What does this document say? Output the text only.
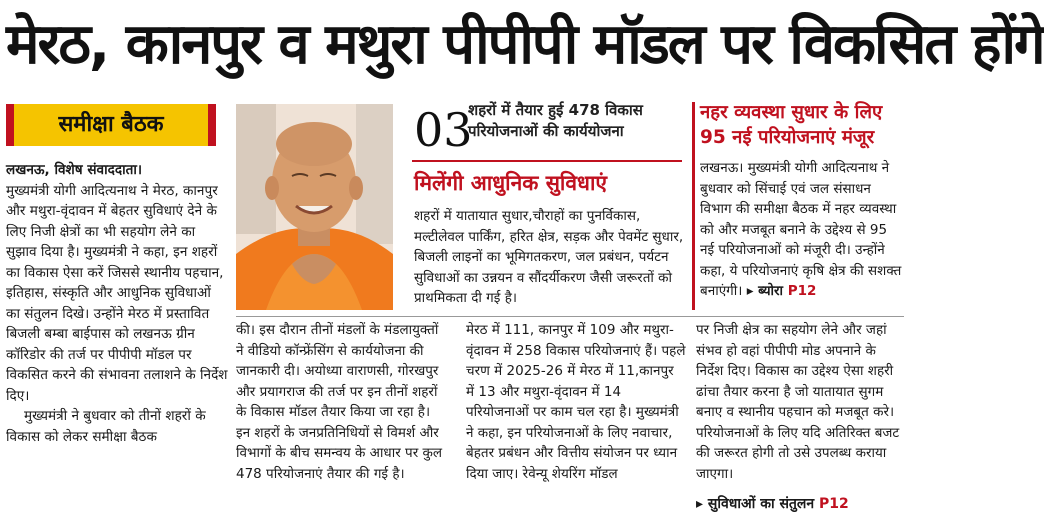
मेरठ, कानपुर व मथुरा पीपीपी मॉडल पर विकसित होंगे
समीक्षा बैठक

लखनऊ, विशेष संवाददाता।

मुख्यमंत्री योगी आदित्यनाथ ने मेरठ, कानपुर और मथुरा-वृंदावन में बेहतर सुविधाएं देने के लिए निजी क्षेत्रों का भी सहयोग लेने का सुझाव दिया है। मुख्यमंत्री ने कहा, इन शहरों का विकास ऐसा करें जिससे स्थानीय पहचान, इतिहास, संस्कृति और आधुनिक सुविधाओं का संतुलन दिखे। उन्होंने मेरठ में प्रस्तावित बिजली बम्बा बाईपास को लखनऊ ग्रीन कॉरिडोर की तर्ज पर पीपीपी मॉडल पर विकसित करने की संभावना तलाशने के निर्देश दिए।

मुख्यमंत्री ने बुधवार को तीनों शहरों के विकास को लेकर समीक्षा बैठक

03
शहरों में तैयार हुई 478 विकास परियोजनाओं की कार्ययोजना
मिलेंगी आधुनिक सुविधाएं
शहरों में यातायात सुधार,चौराहों का पुनर्विकास, मल्टीलेवल पार्किंग, हरित क्षेत्र, सड़क और पेवमेंट सुधार, बिजली लाइनों का भूमिगतकरण, जल प्रबंधन, पर्यटन सुविधाओं का उन्नयन व सौंदर्यीकरण जैसी जरूरतों को प्राथमिकता दी गई है।
नहर व्यवस्था सुधार के लिए 95 नई परियोजनाएं मंजूर
लखनऊ। मुख्यमंत्री योगी आदित्यनाथ ने बुधवार को सिंचाई एवं जल संसाधन विभाग की समीक्षा बैठक में नहर व्यवस्था को और मजबूत बनाने के उद्देश्य से 95 नई परियोजनाओं को मंजूरी दी। उन्होंने कहा, ये परियोजनाएं कृषि क्षेत्र की सशक्त बनाएंगी। ▸ ब्योरा P12
की। इस दौरान तीनों मंडलों के मंडलायुक्तों ने वीडियो कॉन्फ्रेंसिंग से कार्ययोजना की जानकारी दी। अयोध्या वाराणसी, गोरखपुर और प्रयागराज की तर्ज पर इन तीनों शहरों के विकास मॉडल तैयार किया जा रहा है। इन शहरों के जनप्रतिनिधियों से विमर्श और विभागों के बीच समन्वय के आधार पर कुल 478 परियोजनाएं तैयार की गई है।
मेरठ में 111, कानपुर में 109 और मथुरा-वृंदावन में 258 विकास परियोजनाएं हैं। पहले चरण में 2025-26 में मेरठ में 11,कानपुर में 13 और मथुरा-वृंदावन में 14 परियोजनाओं पर काम चल रहा है। मुख्यमंत्री ने कहा, इन परियोजनाओं के लिए नवाचार, बेहतर प्रबंधन और वित्तीय संयोजन पर ध्यान दिया जाए। रेवेन्यू शेयरिंग मॉडल
पर निजी क्षेत्र का सहयोग लेने और जहां संभव हो वहां पीपीपी मोड अपनाने के निर्देश दिए। विकास का उद्देश्य ऐसा शहरी ढांचा तैयार करना है जो यातायात सुगम बनाए व स्थानीय पहचान को मजबूत करे। परियोजनाओं के लिए यदि अतिरिक्त बजट की जरूरत होगी तो उसे उपलब्ध कराया जाएगा।
▸ सुविधाओं का संतुलन P12
